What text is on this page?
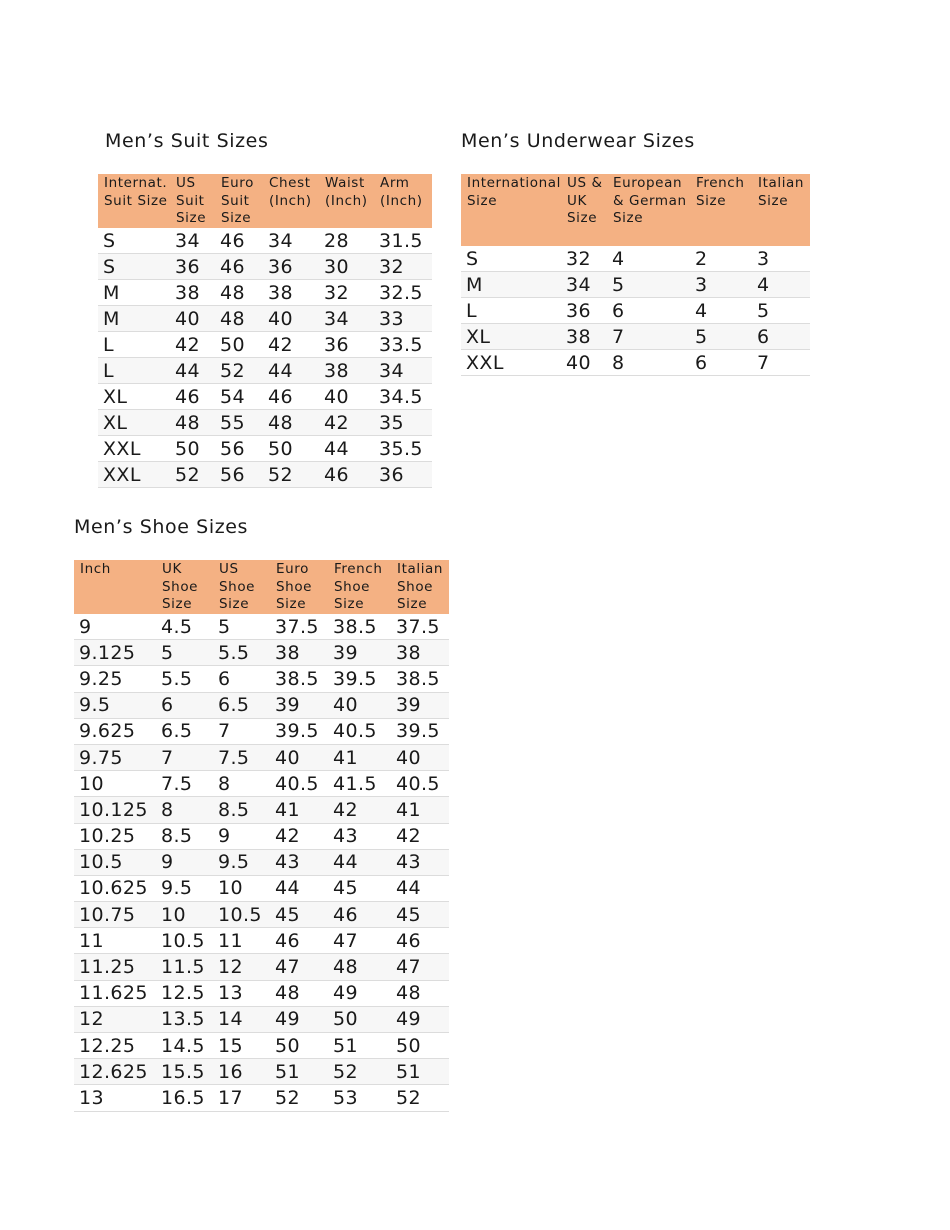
Men’s Suit Sizes
Internat. Suit Size	US Suit Size	Euro Suit Size	Chest (Inch)	Waist (Inch)	Arm (Inch)
S	34	46	34	28	31.5
S	36	46	36	30	32
M	38	48	38	32	32.5
M	40	48	40	34	33
L	42	50	42	36	33.5
L	44	52	44	38	34
XL	46	54	46	40	34.5
XL	48	55	48	42	35
XXL	50	56	50	44	35.5
XXL	52	56	52	46	36
Men’s Underwear Sizes
International Size	US & UK Size	European & German Size	French Size	Italian Size
S	32	4	2	3
M	34	5	3	4
L	36	6	4	5
XL	38	7	5	6
XXL	40	8	6	7
Men’s Shoe Sizes
Inch	UK Shoe Size	US Shoe Size	Euro Shoe Size	French Shoe Size	Italian Shoe Size
9	4.5	5	37.5	38.5	37.5
9.125	5	5.5	38	39	38
9.25	5.5	6	38.5	39.5	38.5
9.5	6	6.5	39	40	39
9.625	6.5	7	39.5	40.5	39.5
9.75	7	7.5	40	41	40
10	7.5	8	40.5	41.5	40.5
10.125	8	8.5	41	42	41
10.25	8.5	9	42	43	42
10.5	9	9.5	43	44	43
10.625	9.5	10	44	45	44
10.75	10	10.5	45	46	45
11	10.5	11	46	47	46
11.25	11.5	12	47	48	47
11.625	12.5	13	48	49	48
12	13.5	14	49	50	49
12.25	14.5	15	50	51	50
12.625	15.5	16	51	52	51
13	16.5	17	52	53	52
